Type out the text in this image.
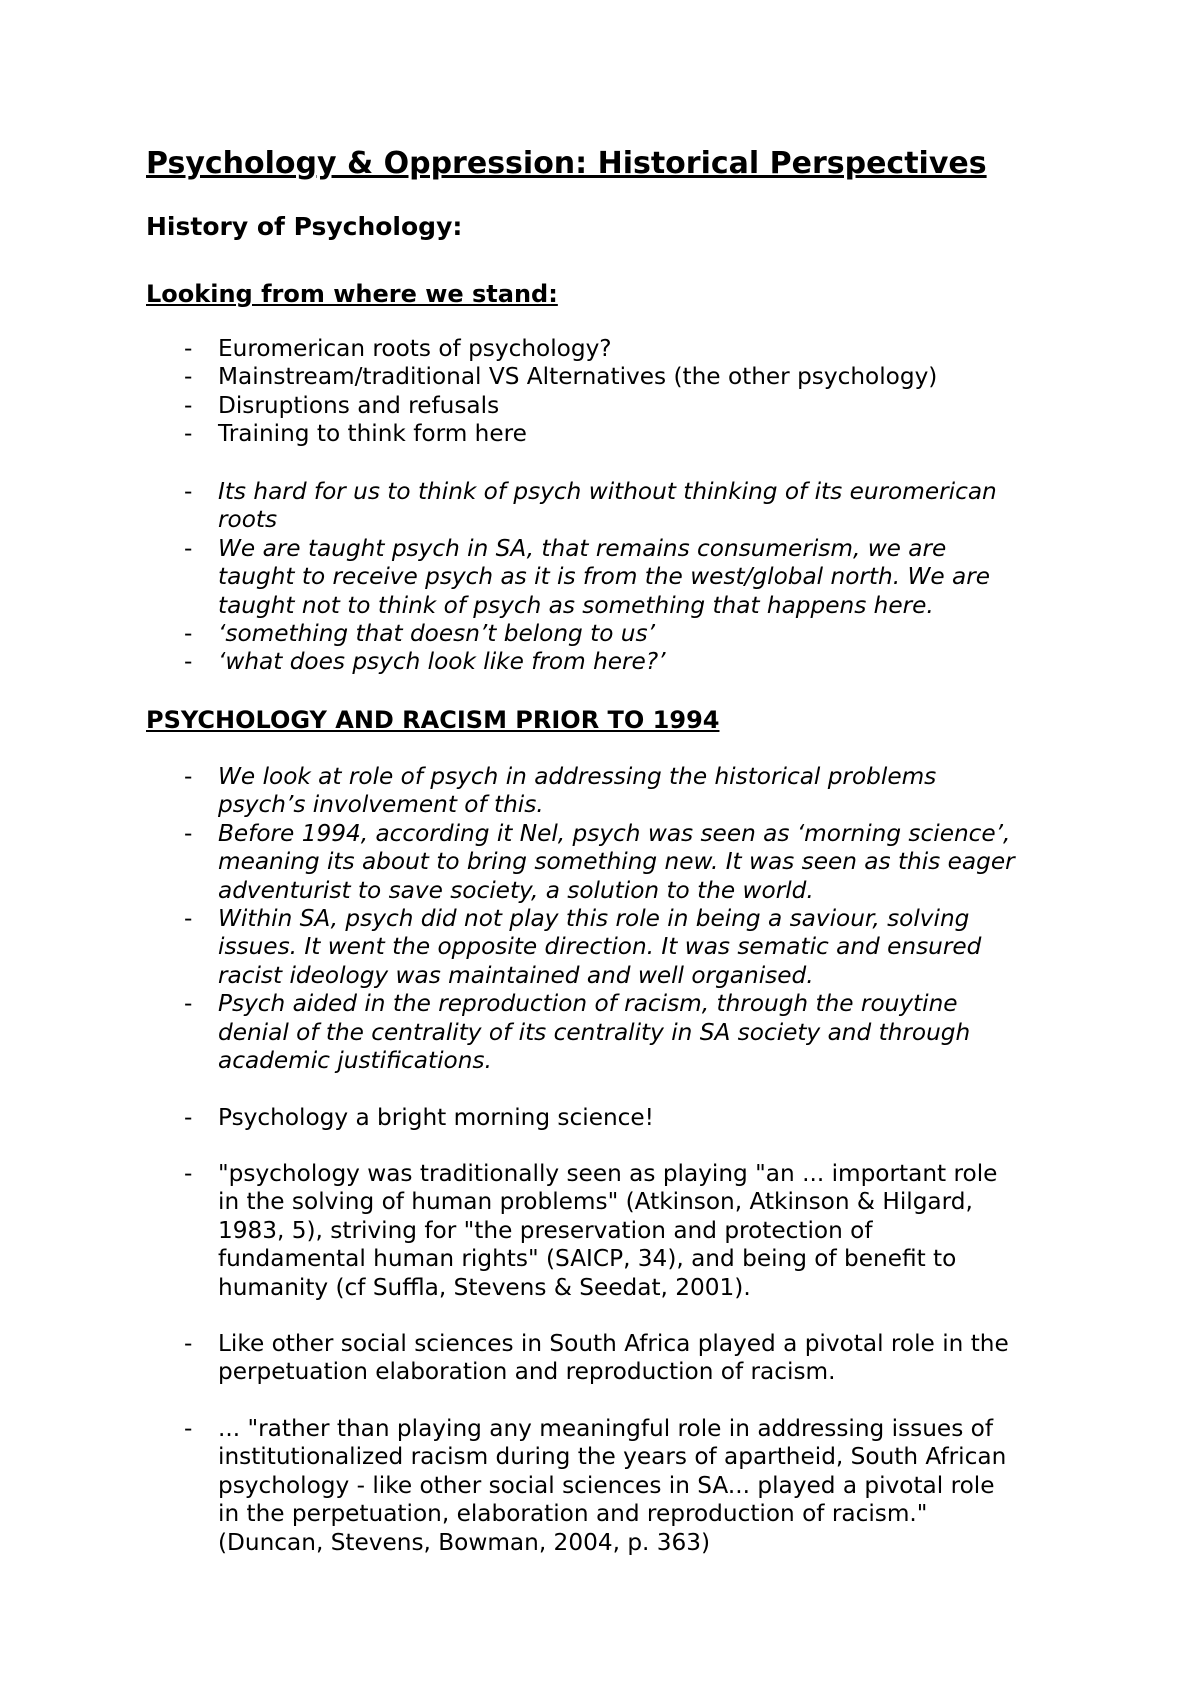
Psychology & Oppression: Historical Perspectives
History of Psychology:
Looking from where we stand:
- Euromerican roots of psychology?
- Mainstream/traditional VS Alternatives (the other psychology)
- Disruptions and refusals
- Training to think form here
- Its hard for us to think of psych without thinking of its euromerican
roots
- We are taught psych in SA, that remains consumerism, we are
taught to receive psych as it is from the west/global north. We are
taught not to think of psych as something that happens here.
- ‘something that doesn’t belong to us’
- ‘what does psych look like from here?’
PSYCHOLOGY AND RACISM PRIOR TO 1994
- We look at role of psych in addressing the historical problems
psych’s involvement of this.
- Before 1994, according it Nel, psych was seen as ‘morning science’,
meaning its about to bring something new. It was seen as this eager
adventurist to save society, a solution to the world.
- Within SA, psych did not play this role in being a saviour, solving
issues. It went the opposite direction. It was sematic and ensured
racist ideology was maintained and well organised.
- Psych aided in the reproduction of racism, through the rouytine
denial of the centrality of its centrality in SA society and through
academic justifications.
- Psychology a bright morning science!
- "psychology was traditionally seen as playing "an ... important role
in the solving of human problems" (Atkinson, Atkinson & Hilgard,
1983, 5), striving for "the preservation and protection of
fundamental human rights" (SAICP, 34), and being of benefit to
humanity (cf Suffla, Stevens & Seedat, 2001).
- Like other social sciences in South Africa played a pivotal role in the
perpetuation elaboration and reproduction of racism.
- ... "rather than playing any meaningful role in addressing issues of
institutionalized racism during the years of apartheid, South African
psychology - like other social sciences in SA... played a pivotal role
in the perpetuation, elaboration and reproduction of racism."
(Duncan, Stevens, Bowman, 2004, p. 363)
